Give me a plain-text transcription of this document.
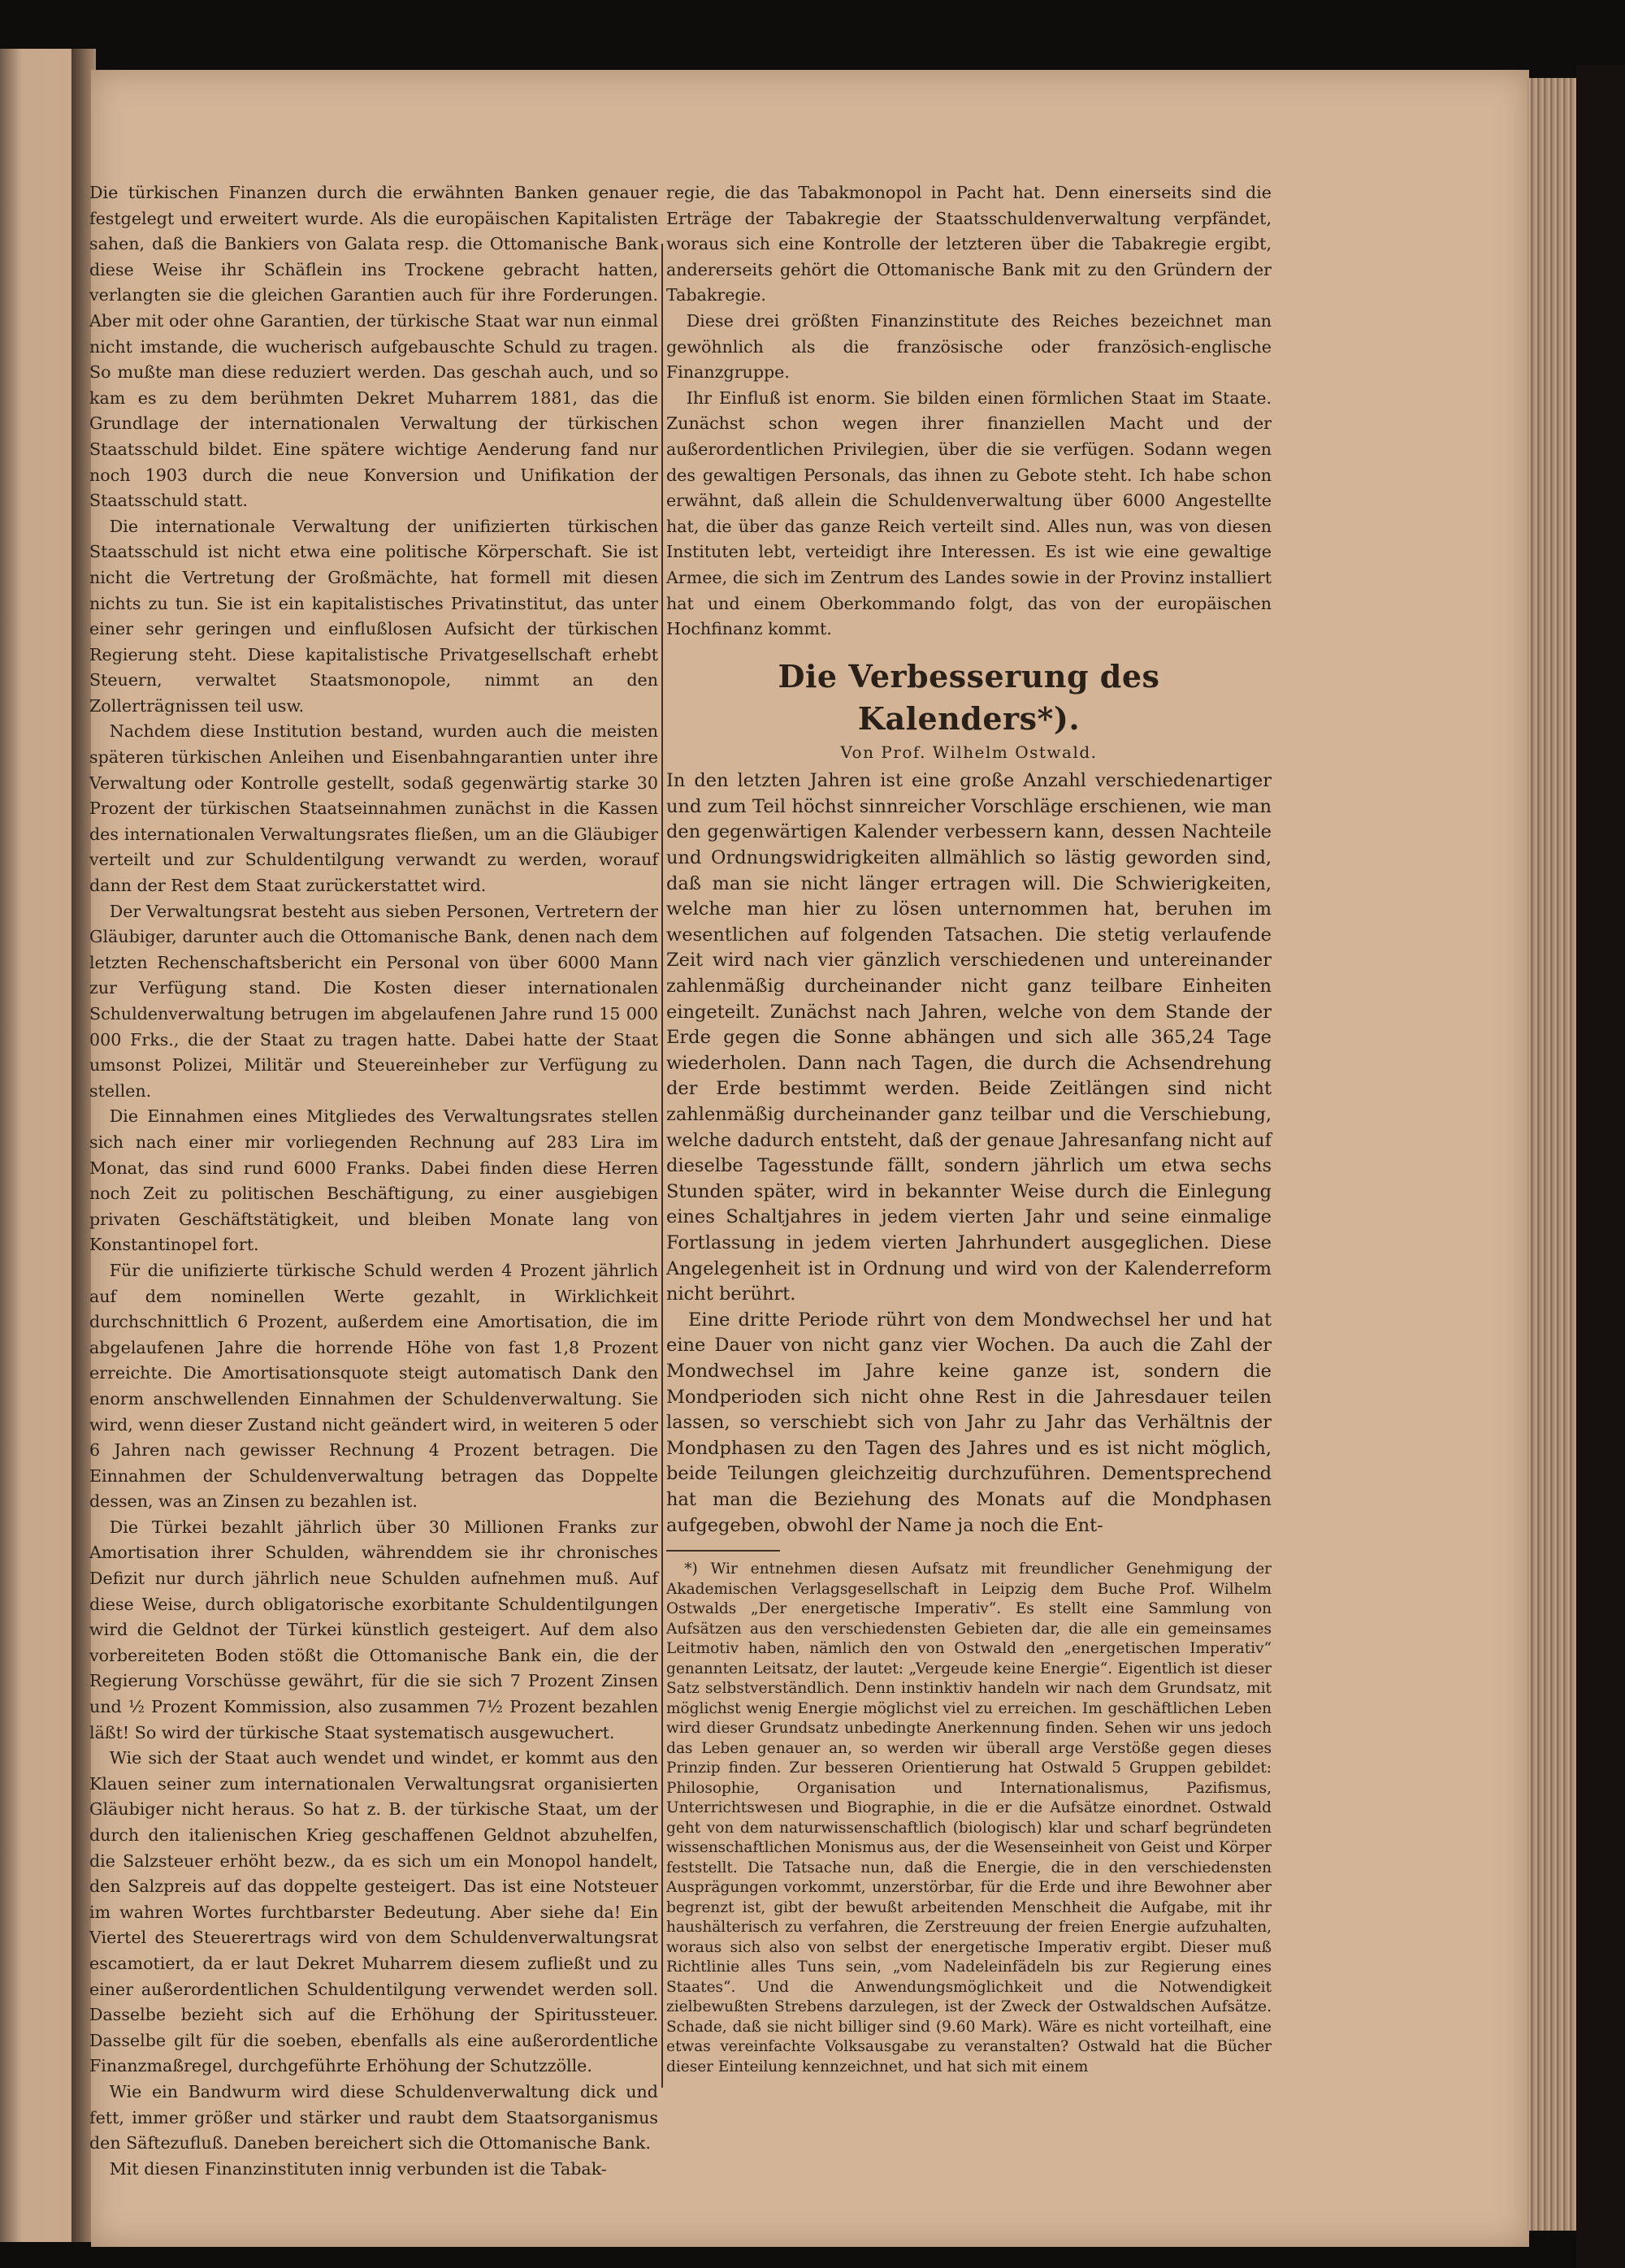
Die türkischen Finanzen durch die erwähnten Banken genauer festgelegt und erweitert wurde. Als die europäischen Kapitalisten sahen, daß die Bankiers von Galata resp. die Ottomanische Bank diese Weise ihr Schäflein ins Trockene gebracht hatten, verlangten sie die gleichen Garantien auch für ihre Forderungen. Aber mit oder ohne Garantien, der türkische Staat war nun einmal nicht imstande, die wucherisch aufgebauschte Schuld zu tragen. So mußte man diese reduziert werden. Das geschah auch, und so kam es zu dem berühmten Dekret Muharrem 1881, das die Grundlage der internationalen Verwaltung der türkischen Staatsschuld bildet. Eine spätere wichtige Aenderung fand nur noch 1903 durch die neue Konversion und Unifikation der Staatsschuld statt.

Die internationale Verwaltung der unifizierten türkischen Staatsschuld ist nicht etwa eine politische Körperschaft. Sie ist nicht die Vertretung der Großmächte, hat formell mit diesen nichts zu tun. Sie ist ein kapitalistisches Privatinstitut, das unter einer sehr geringen und einflußlosen Aufsicht der türkischen Regierung steht. Diese kapitalistische Privatgesellschaft erhebt Steuern, verwaltet Staatsmonopole, nimmt an den Zollerträgnissen teil usw.

Nachdem diese Institution bestand, wurden auch die meisten späteren türkischen Anleihen und Eisenbahngarantien unter ihre Verwaltung oder Kontrolle gestellt, sodaß gegenwärtig starke 30 Prozent der türkischen Staatseinnahmen zunächst in die Kassen des internationalen Verwaltungsrates fließen, um an die Gläubiger verteilt und zur Schuldentilgung verwandt zu werden, worauf dann der Rest dem Staat zurückerstattet wird.

Der Verwaltungsrat besteht aus sieben Personen, Vertretern der Gläubiger, darunter auch die Ottomanische Bank, denen nach dem letzten Rechenschaftsbericht ein Personal von über 6000 Mann zur Verfügung stand. Die Kosten dieser internationalen Schuldenverwaltung betrugen im abgelaufenen Jahre rund 15 000 000 Frks., die der Staat zu tragen hatte. Dabei hatte der Staat umsonst Polizei, Militär und Steuereinheber zur Verfügung zu stellen.

Die Einnahmen eines Mitgliedes des Verwaltungsrates stellen sich nach einer mir vorliegenden Rechnung auf 283 Lira im Monat, das sind rund 6000 Franks. Dabei finden diese Herren noch Zeit zu politischen Beschäftigung, zu einer ausgiebigen privaten Geschäftstätigkeit, und bleiben Monate lang von Konstantinopel fort.

Für die unifizierte türkische Schuld werden 4 Prozent jährlich auf dem nominellen Werte gezahlt, in Wirklichkeit durchschnittlich 6 Prozent, außerdem eine Amortisation, die im abgelaufenen Jahre die horrende Höhe von fast 1,8 Prozent erreichte. Die Amortisationsquote steigt automatisch Dank den enorm anschwellenden Einnahmen der Schuldenverwaltung. Sie wird, wenn dieser Zustand nicht geändert wird, in weiteren 5 oder 6 Jahren nach gewisser Rechnung 4 Prozent betragen. Die Einnahmen der Schuldenverwaltung betragen das Doppelte dessen, was an Zinsen zu bezahlen ist.

Die Türkei bezahlt jährlich über 30 Millionen Franks zur Amortisation ihrer Schulden, währenddem sie ihr chronisches Defizit nur durch jährlich neue Schulden aufnehmen muß. Auf diese Weise, durch obligatorische exorbitante Schuldentilgungen wird die Geldnot der Türkei künstlich gesteigert. Auf dem also vorbereiteten Boden stößt die Ottomanische Bank ein, die der Regierung Vorschüsse gewährt, für die sie sich 7 Prozent Zinsen und ½ Prozent Kommission, also zusammen 7½ Prozent bezahlen läßt! So wird der türkische Staat systematisch ausgewuchert.

Wie sich der Staat auch wendet und windet, er kommt aus den Klauen seiner zum internationalen Verwaltungsrat organisierten Gläubiger nicht heraus. So hat z. B. der türkische Staat, um der durch den italienischen Krieg geschaffenen Geldnot abzuhelfen, die Salzsteuer erhöht bezw., da es sich um ein Monopol handelt, den Salzpreis auf das doppelte gesteigert. Das ist eine Notsteuer im wahren Wortes furchtbarster Bedeutung. Aber siehe da! Ein Viertel des Steuerertrags wird von dem Schuldenverwaltungsrat escamotiert, da er laut Dekret Muharrem diesem zufließt und zu einer außerordentlichen Schuldentilgung verwendet werden soll. Dasselbe bezieht sich auf die Erhöhung der Spiritussteuer. Dasselbe gilt für die soeben, ebenfalls als eine außerordentliche Finanzmaßregel, durchgeführte Erhöhung der Schutzzölle.

Wie ein Bandwurm wird diese Schuldenverwaltung dick und fett, immer größer und stärker und raubt dem Staatsorganismus den Säftezufluß. Daneben bereichert sich die Ottomanische Bank.

Mit diesen Finanzinstituten innig verbunden ist die Tabak-

regie, die das Tabakmonopol in Pacht hat. Denn einerseits sind die Erträge der Tabakregie der Staatsschuldenverwaltung verpfändet, woraus sich eine Kontrolle der letzteren über die Tabakregie ergibt, andererseits gehört die Ottomanische Bank mit zu den Gründern der Tabakregie.

Diese drei größten Finanzinstitute des Reiches bezeichnet man gewöhnlich als die französische oder französich-englische Finanzgruppe.

Ihr Einfluß ist enorm. Sie bilden einen förmlichen Staat im Staate. Zunächst schon wegen ihrer finanziellen Macht und der außerordentlichen Privilegien, über die sie verfügen. Sodann wegen des gewaltigen Personals, das ihnen zu Gebote steht. Ich habe schon erwähnt, daß allein die Schuldenverwaltung über 6000 Angestellte hat, die über das ganze Reich verteilt sind. Alles nun, was von diesen Instituten lebt, verteidigt ihre Interessen. Es ist wie eine gewaltige Armee, die sich im Zentrum des Landes sowie in der Provinz installiert hat und einem Oberkommando folgt, das von der europäischen Hochfinanz kommt.

Die Verbesserung des Kalenders*).
Von Prof. Wilhelm Ostwald.

In den letzten Jahren ist eine große Anzahl verschiedenartiger und zum Teil höchst sinnreicher Vorschläge erschienen, wie man den gegenwärtigen Kalender verbessern kann, dessen Nachteile und Ordnungswidrigkeiten allmählich so lästig geworden sind, daß man sie nicht länger ertragen will. Die Schwierigkeiten, welche man hier zu lösen unternommen hat, beruhen im wesentlichen auf folgenden Tatsachen. Die stetig verlaufende Zeit wird nach vier gänzlich verschiedenen und untereinander zahlenmäßig durcheinander nicht ganz teilbare Einheiten eingeteilt. Zunächst nach Jahren, welche von dem Stande der Erde gegen die Sonne abhängen und sich alle 365,24 Tage wiederholen. Dann nach Tagen, die durch die Achsendrehung der Erde bestimmt werden. Beide Zeitlängen sind nicht zahlenmäßig durcheinander ganz teilbar und die Verschiebung, welche dadurch entsteht, daß der genaue Jahresanfang nicht auf dieselbe Tagesstunde fällt, sondern jährlich um etwa sechs Stunden später, wird in bekannter Weise durch die Einlegung eines Schaltjahres in jedem vierten Jahr und seine einmalige Fortlassung in jedem vierten Jahrhundert ausgeglichen. Diese Angelegenheit ist in Ordnung und wird von der Kalenderreform nicht berührt.

Eine dritte Periode rührt von dem Mondwechsel her und hat eine Dauer von nicht ganz vier Wochen. Da auch die Zahl der Mondwechsel im Jahre keine ganze ist, sondern die Mondperioden sich nicht ohne Rest in die Jahresdauer teilen lassen, so verschiebt sich von Jahr zu Jahr das Verhältnis der Mondphasen zu den Tagen des Jahres und es ist nicht möglich, beide Teilungen gleichzeitig durchzuführen. Dementsprechend hat man die Beziehung des Monats auf die Mondphasen aufgegeben, obwohl der Name ja noch die Ent-

*) Wir entnehmen diesen Aufsatz mit freundlicher Genehmigung der Akademischen Verlagsgesellschaft in Leipzig dem Buche Prof. Wilhelm Ostwalds „Der energetische Imperativ“. Es stellt eine Sammlung von Aufsätzen aus den verschiedensten Gebieten dar, die alle ein gemeinsames Leitmotiv haben, nämlich den von Ostwald den „energetischen Imperativ“ genannten Leitsatz, der lautet: „Vergeude keine Energie“. Eigentlich ist dieser Satz selbstverständlich. Denn instinktiv handeln wir nach dem Grundsatz, mit möglichst wenig Energie möglichst viel zu erreichen. Im geschäftlichen Leben wird dieser Grundsatz unbedingte Anerkennung finden. Sehen wir uns jedoch das Leben genauer an, so werden wir überall arge Verstöße gegen dieses Prinzip finden. Zur besseren Orientierung hat Ostwald 5 Gruppen gebildet: Philosophie, Organisation und Internationalismus, Pazifismus, Unterrichtswesen und Biographie, in die er die Aufsätze einordnet. Ostwald geht von dem naturwissenschaftlich (biologisch) klar und scharf begründeten wissenschaftlichen Monismus aus, der die Wesenseinheit von Geist und Körper feststellt. Die Tatsache nun, daß die Energie, die in den verschiedensten Ausprägungen vorkommt, unzerstörbar, für die Erde und ihre Bewohner aber begrenzt ist, gibt der bewußt arbeitenden Menschheit die Aufgabe, mit ihr haushälterisch zu verfahren, die Zerstreuung der freien Energie aufzuhalten, woraus sich also von selbst der energetische Imperativ ergibt. Dieser muß Richtlinie alles Tuns sein, „vom Nadeleinfädeln bis zur Regierung eines Staates“. Und die Anwendungsmöglichkeit und die Notwendigkeit zielbewußten Strebens darzulegen, ist der Zweck der Ostwaldschen Aufsätze. Schade, daß sie nicht billiger sind (9.60 Mark). Wäre es nicht vorteilhaft, eine etwas vereinfachte Volksausgabe zu veranstalten? Ostwald hat die Bücher dieser Einteilung kennzeichnet, und hat sich mit einem
